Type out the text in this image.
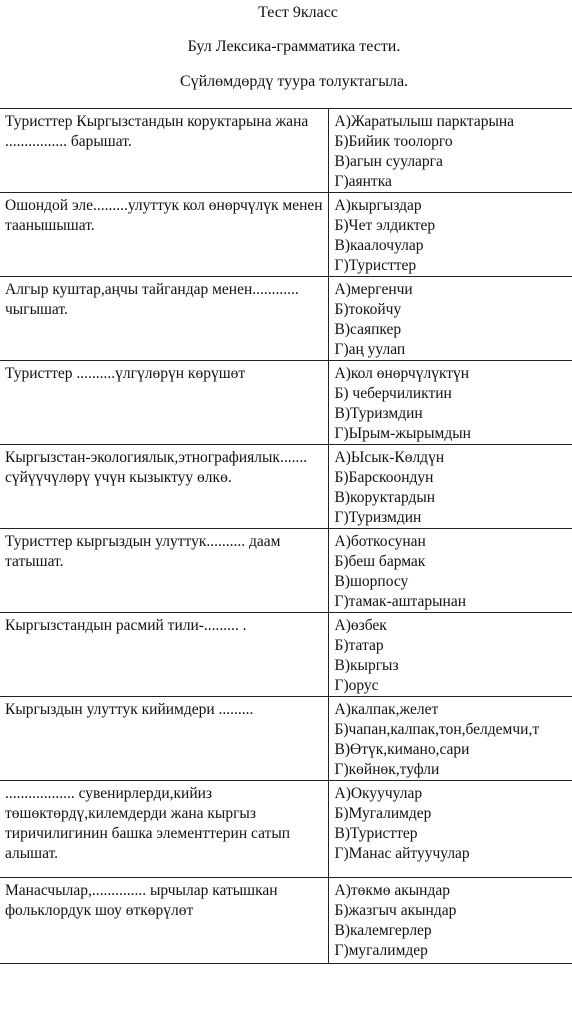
Тест 9класс

Бул Лексика-грамматика тести.

Сүйлөмдөрдү туура толуктагыла.

Туристтер Кыргызстандын коруктарына жана ................ барышат.	А)Жаратылыш парктарына
Б)Бийик тоолорго
В)агын сууларга
Г)аянтка

Ошондой эле.........улуттук кол өнөрчүлүк менен таанышышат.	А)кыргыздар
Б)Чет элдиктер
В)каалочулар
Г)Туристтер

Алгыр куштар,аңчы тайгандар менен............ чыгышат.	А)мергенчи
Б)токойчу
В)саяпкер
Г)аң уулап

Туристтер ..........үлгүлөрүн көрүшөт	А)кол өнөрчүлүктүн
Б) чеберчиликтин
В)Туризмдин
Г)Ырым-жырымдын

Кыргызстан-экологиялык,этнографиялык....... сүйүүчүлөрү үчүн кызыктуу өлкө.	А)Ысык-Көлдүн
Б)Барскоондун
В)коруктардын
Г)Туризмдин

Туристтер кыргыздын улуттук.......... даам татышат.	А)боткосунан
Б)беш бармак
В)шорпосу
Г)тамак-аштарынан

Кыргызстандын расмий тили-......... .	А)өзбек
Б)татар
В)кыргыз
Г)орус

Кыргыздын улуттук кийимдери .........	А)калпак,желет
Б)чапан,калпак,тон,белдемчи,т
В)Өтүк,кимано,сари
Г)көйнөк,туфли

.................. сувенирлерди,кийиз төшөктөрдү,килемдерди жана кыргыз тиричилигинин башка элементтерин сатып алышат.	А)Окуучулар
Б)Мугалимдер
В)Туристтер
Г)Манас айтуучулар

Манасчылар,.............. ырчылар катышкан фольклордук шоу өткөрүлөт	А)төкмө акындар
Б)жазгыч акындар
В)калемгерлер
Г)мугалимдер
